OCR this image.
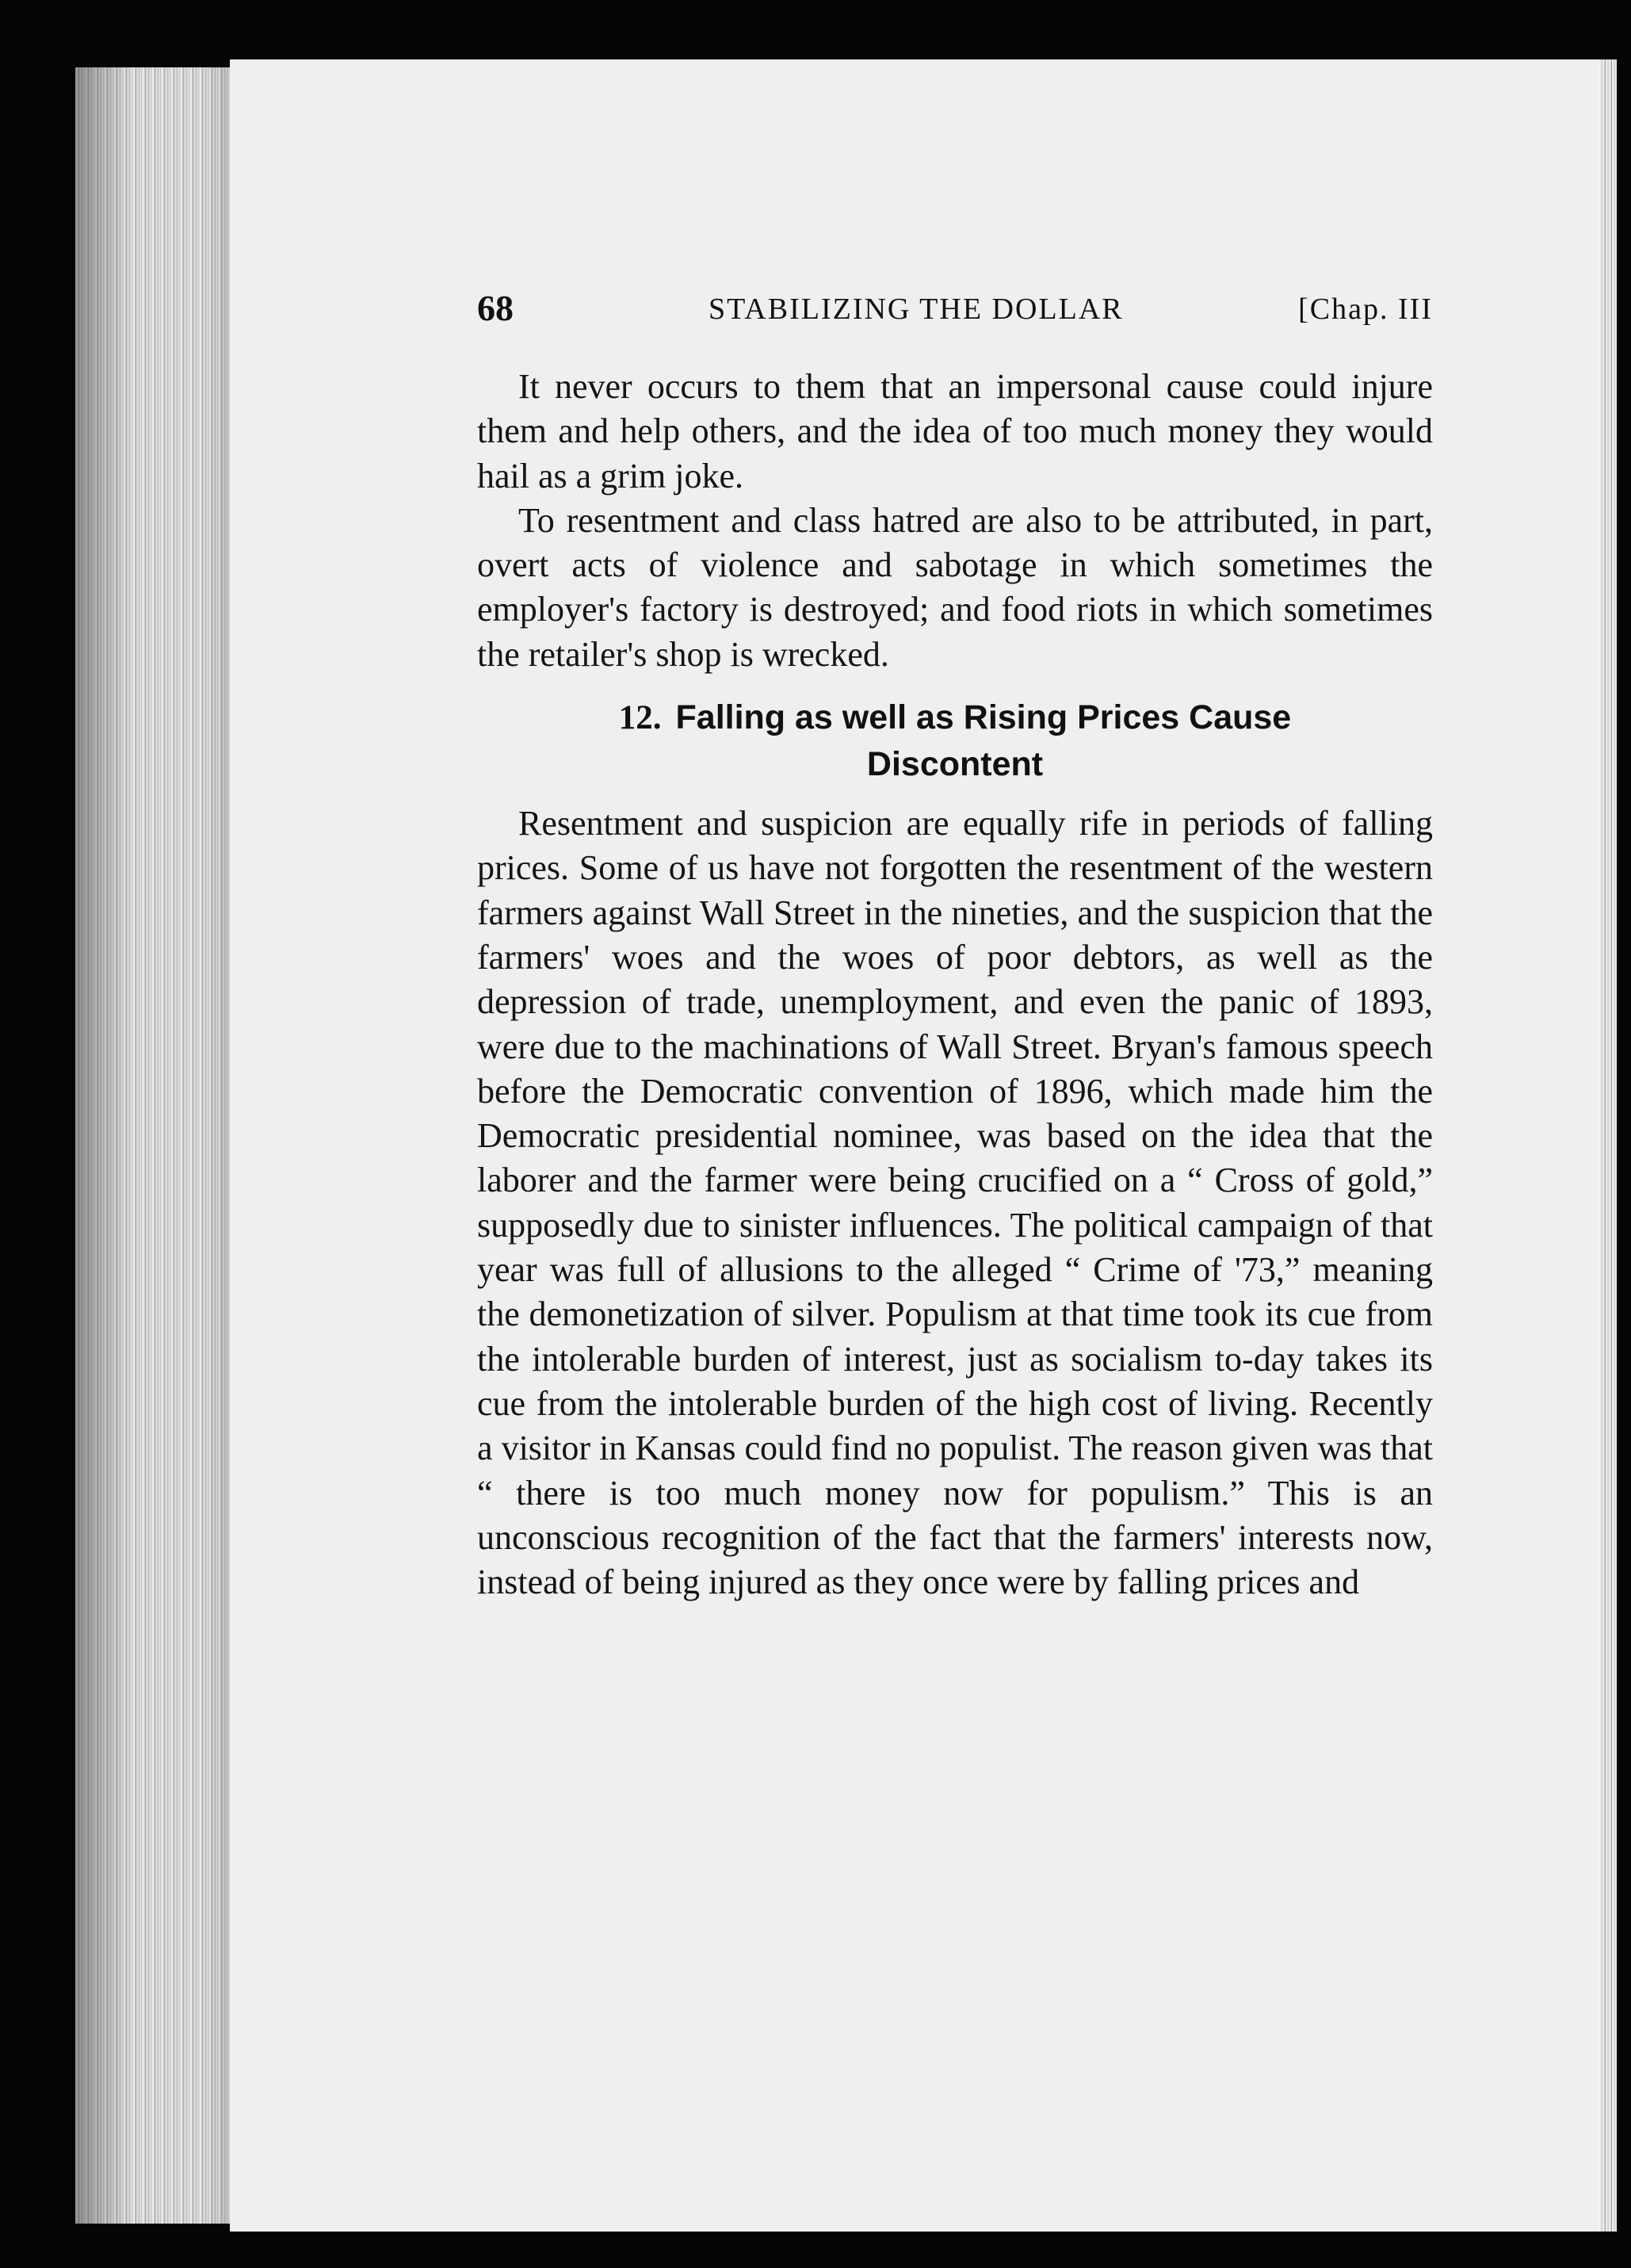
68	STABILIZING THE DOLLAR	[Chap. III

It never occurs to them that an impersonal cause could injure them and help others, and the idea of too much money they would hail as a grim joke.

To resentment and class hatred are also to be attributed, in part, overt acts of violence and sabotage in which sometimes the employer's factory is destroyed; and food riots in which sometimes the retailer's shop is wrecked.

12. Falling as well as Rising Prices Cause Discontent

Resentment and suspicion are equally rife in periods of falling prices. Some of us have not forgotten the resentment of the western farmers against Wall Street in the nineties, and the suspicion that the farmers' woes and the woes of poor debtors, as well as the depression of trade, unemployment, and even the panic of 1893, were due to the machinations of Wall Street. Bryan's famous speech before the Democratic convention of 1896, which made him the Democratic presidential nominee, was based on the idea that the laborer and the farmer were being crucified on a “ Cross of gold,” supposedly due to sinister influences. The political campaign of that year was full of allusions to the alleged “ Crime of '73,” meaning the demonetization of silver. Populism at that time took its cue from the intolerable burden of interest, just as socialism to-day takes its cue from the intolerable burden of the high cost of living. Recently a visitor in Kansas could find no populist. The reason given was that “ there is too much money now for populism.” This is an unconscious recognition of the fact that the farmers' interests now, instead of being injured as they once were by falling prices and
